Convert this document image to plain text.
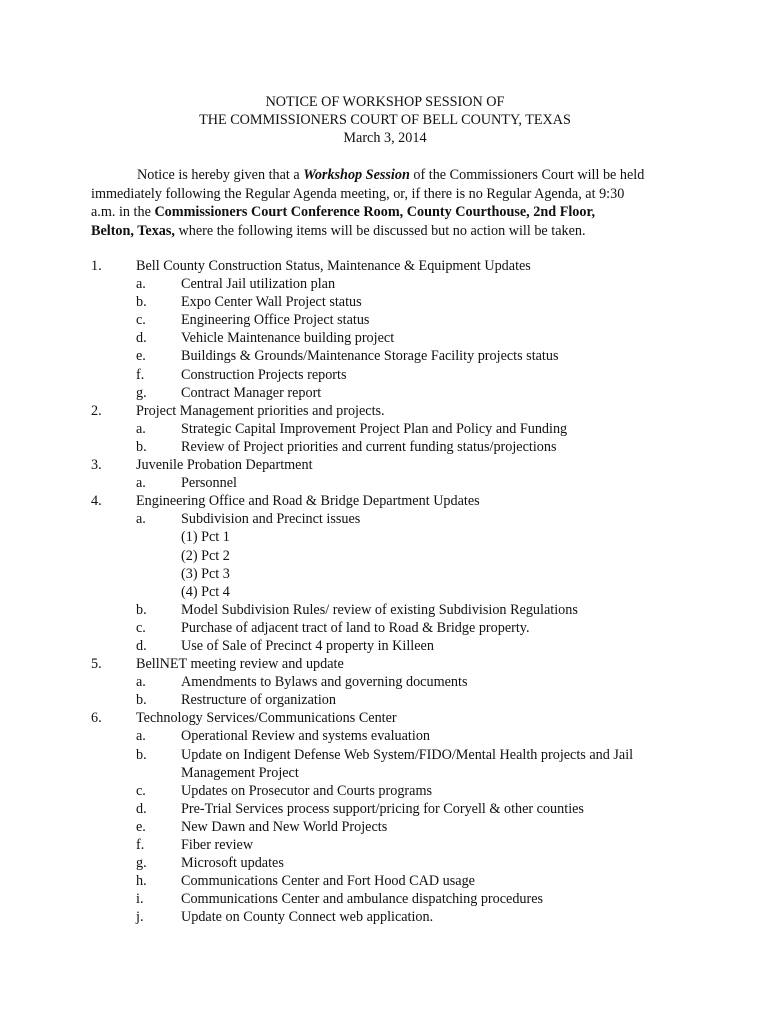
NOTICE OF WORKSHOP SESSION OF
THE COMMISSIONERS COURT OF BELL COUNTY, TEXAS
March 3, 2014
Notice is hereby given that a Workshop Session of the Commissioners Court will be held
immediately following the Regular Agenda meeting, or, if there is no Regular Agenda, at 9:30
a.m. in the Commissioners Court Conference Room, County Courthouse, 2nd Floor,
Belton, Texas, where the following items will be discussed but no action will be taken.
1. Bell County Construction Status, Maintenance & Equipment Updates
a. Central Jail utilization plan
b. Expo Center Wall Project status
c. Engineering Office Project status
d. Vehicle Maintenance building project
e. Buildings & Grounds/Maintenance Storage Facility projects status
f.	Construction Projects reports
g. Contract Manager report
2. Project Management priorities and projects.
a. Strategic Capital Improvement Project Plan and Policy and Funding
b. Review of Project priorities and current funding status/projections
3. Juvenile Probation Department
a. Personnel
4. Engineering Office and Road & Bridge Department Updates
a. Subdivision and Precinct issues
(1) Pct 1
(2) Pct 2
(3) Pct 3
(4) Pct 4
b. Model Subdivision Rules/ review of existing Subdivision Regulations
c. Purchase of adjacent tract of land to Road & Bridge property.
d. Use of Sale of Precinct 4 property in Killeen
5. BellNET meeting review and update
a. Amendments to Bylaws and governing documents
b. Restructure of organization
6. Technology Services/Communications Center
a. Operational Review and systems evaluation
b. Update on Indigent Defense Web System/FIDO/Mental Health projects and Jail
Management Project
c. Updates on Prosecutor and Courts programs
d. Pre-Trial Services process support/pricing for Coryell & other counties
e. New Dawn and New World Projects
f.	Fiber review
g. Microsoft updates
h. Communications Center and Fort Hood CAD usage
i.	Communications Center and ambulance dispatching procedures
j.	Update on County Connect web application.
